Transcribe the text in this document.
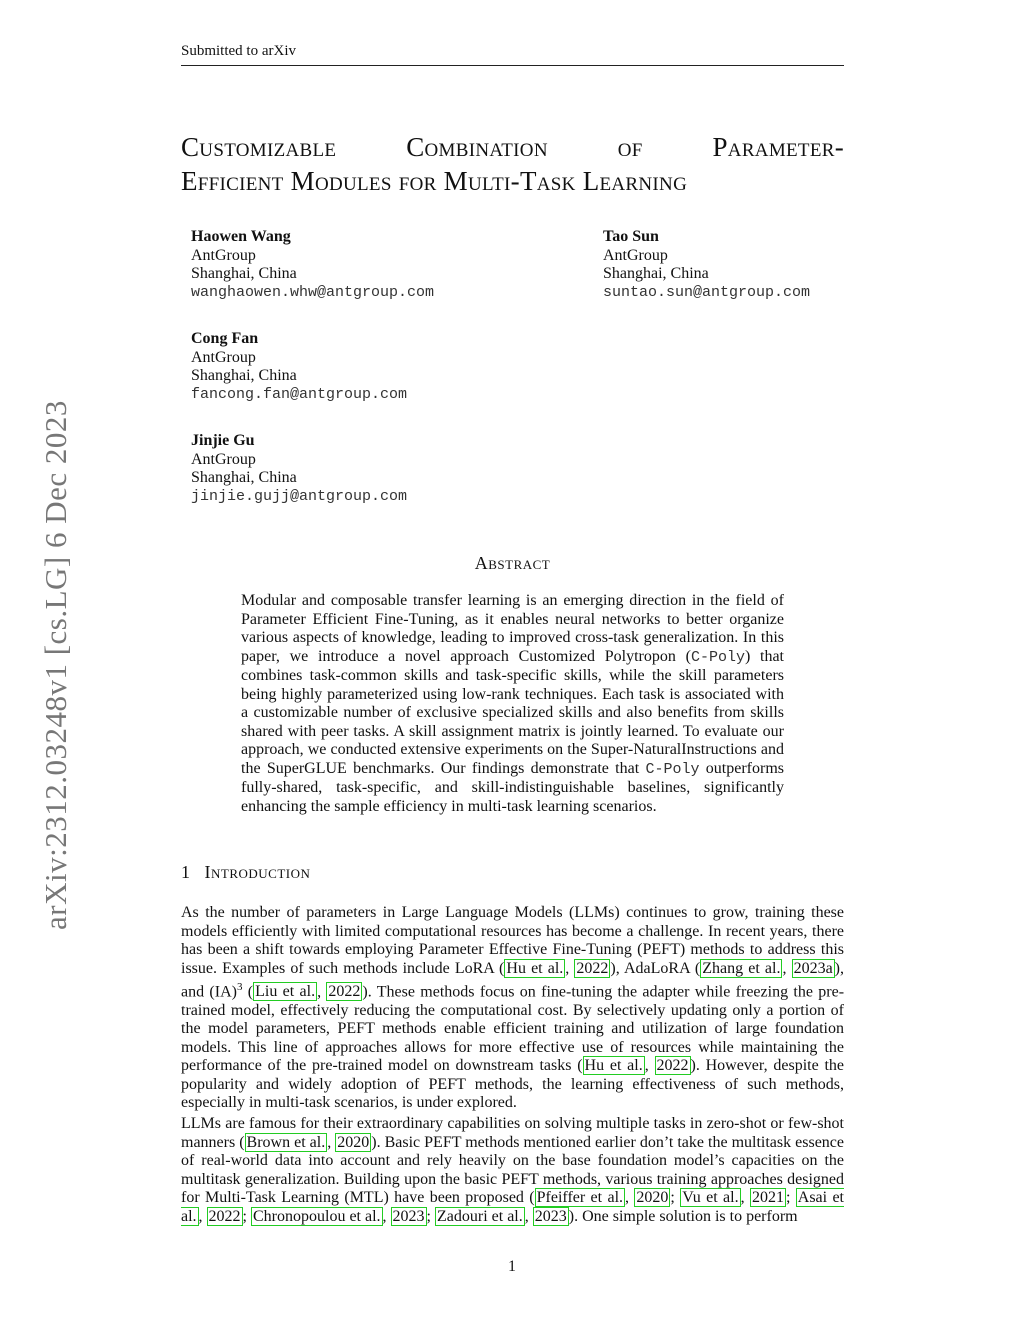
Submitted to arXiv
arXiv:2312.03248v1 [cs.LG] 6 Dec 2023
Customizable	Combination	of	Parameter-
Efficient Modules for Multi-Task Learning
Haowen Wang
AntGroup
Shanghai, China
wanghaowen.whw@antgroup.com
Tao Sun
AntGroup
Shanghai, China
suntao.sun@antgroup.com
Cong Fan
AntGroup
Shanghai, China
fancong.fan@antgroup.com
Jinjie Gu
AntGroup
Shanghai, China
jinjie.gujj@antgroup.com
Abstract
Modular and composable transfer learning is an emerging direction in the field of Parameter Efficient Fine-Tuning, as it enables neural networks to better organize various aspects of knowledge, leading to improved cross-task generalization. In this paper, we introduce a novel approach Customized Polytropon (C-Poly) that combines task-common skills and task-specific skills, while the skill parameters being highly parameterized using low-rank techniques. Each task is associated with a customizable number of exclusive specialized skills and also benefits from skills shared with peer tasks. A skill assignment matrix is jointly learned. To evaluate our approach, we conducted extensive experiments on the Super-NaturalInstructions and the SuperGLUE benchmarks. Our findings demonstrate that C-Poly outperforms fully-shared, task-specific, and skill-indistinguishable baselines, significantly enhancing the sample efficiency in multi-task learning scenarios.
1 Introduction
As the number of parameters in Large Language Models (LLMs) continues to grow, training these models efficiently with limited computational resources has become a challenge. In recent years, there has been a shift towards employing Parameter Effective Fine-Tuning (PEFT) methods to address this issue. Examples of such methods include LoRA ( Hu et al. , 2022 ), AdaLoRA ( Zhang et al. , 2023a ), and (IA)$^3$ ( Liu et al. , 2022 ). These methods focus on fine-tuning the adapter while freezing the pre-trained model, effectively reducing the computational cost. By selectively updating only a portion of the model parameters, PEFT methods enable efficient training and utilization of large foundation models. This line of approaches allows for more effective use of resources while maintaining the performance of the pre-trained model on downstream tasks ( Hu et al. , 2022 ). However, despite the popularity and widely adoption of PEFT methods, the learning effectiveness of such methods, especially in multi-task scenarios, is under explored.
LLMs are famous for their extraordinary capabilities on solving multiple tasks in zero-shot or few-shot manners ( Brown et al. , 2020 ). Basic PEFT methods mentioned earlier don’t take the multitask essence of real-world data into account and rely heavily on the base foundation model’s capacities on the multitask generalization. Building upon the basic PEFT methods, various training approaches designed for Multi-Task Learning (MTL) have been proposed ( Pfeiffer et al. , 2020 ; Vu et al. , 2021 ; Asai et al. , 2022 ; Chronopoulou et al. , 2023 ; Zadouri et al. , 2023 ). One simple solution is to perform
1
